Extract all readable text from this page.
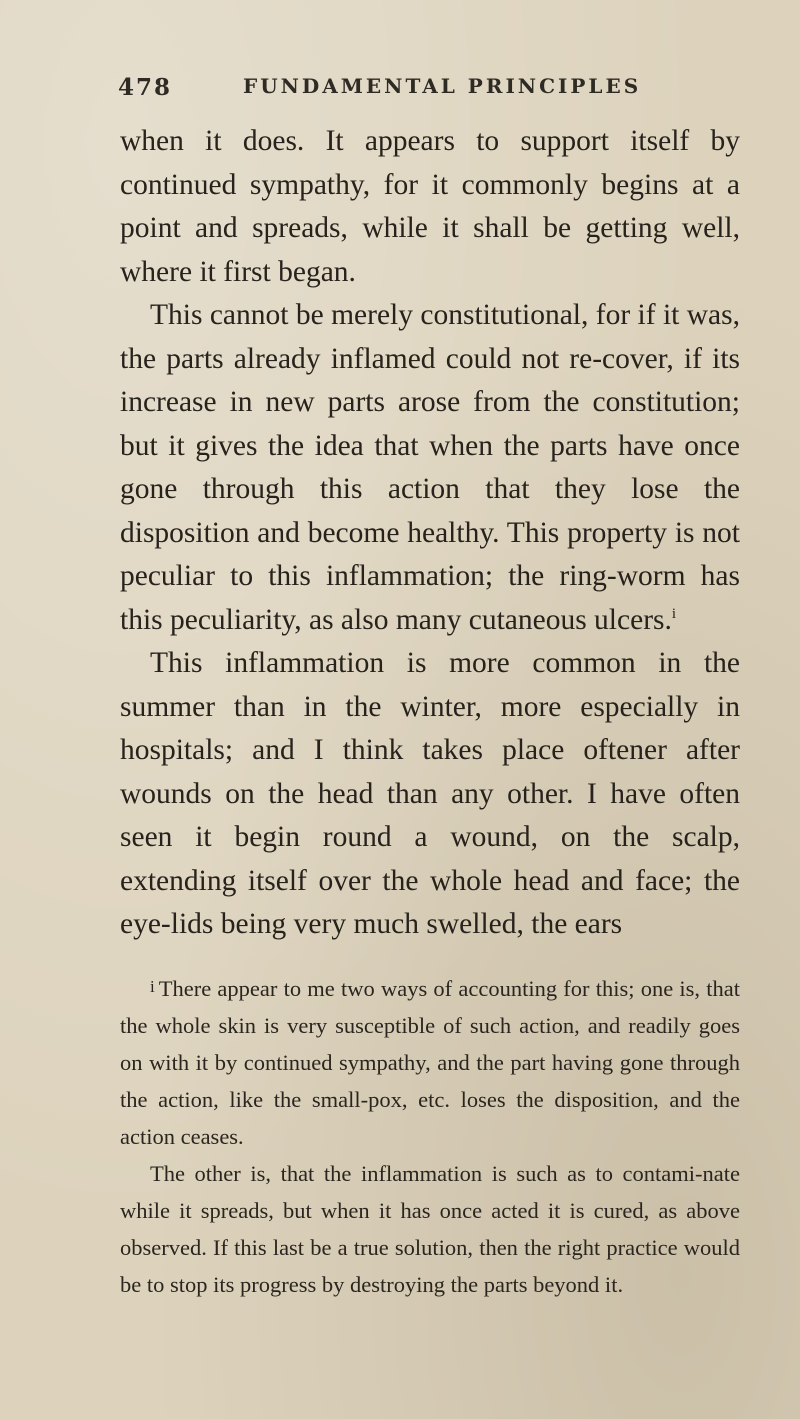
478	FUNDAMENTAL PRINCIPLES

when it does. It appears to support itself by continued sympathy, for it commonly begins at a point and spreads, while it shall be getting well, where it first began.

This cannot be merely constitutional, for if it was, the parts already inflamed could not re-cover, if its increase in new parts arose from the constitution; but it gives the idea that when the parts have once gone through this action that they lose the disposition and become healthy. This property is not peculiar to this inflammation; the ring-worm has this peculiarity, as also many cutaneous ulcers.$^i$

This inflammation is more common in the summer than in the winter, more especially in hospitals; and I think takes place oftener after wounds on the head than any other. I have often seen it begin round a wound, on the scalp, extending itself over the whole head and face; the eye-lids being very much swelled, the ears

i There appear to me two ways of accounting for this; one is, that the whole skin is very susceptible of such action, and readily goes on with it by continued sympathy, and the part having gone through the action, like the small-pox, etc. loses the disposition, and the action ceases.

The other is, that the inflammation is such as to contami-nate while it spreads, but when it has once acted it is cured, as above observed. If this last be a true solution, then the right practice would be to stop its progress by destroying the parts beyond it.
